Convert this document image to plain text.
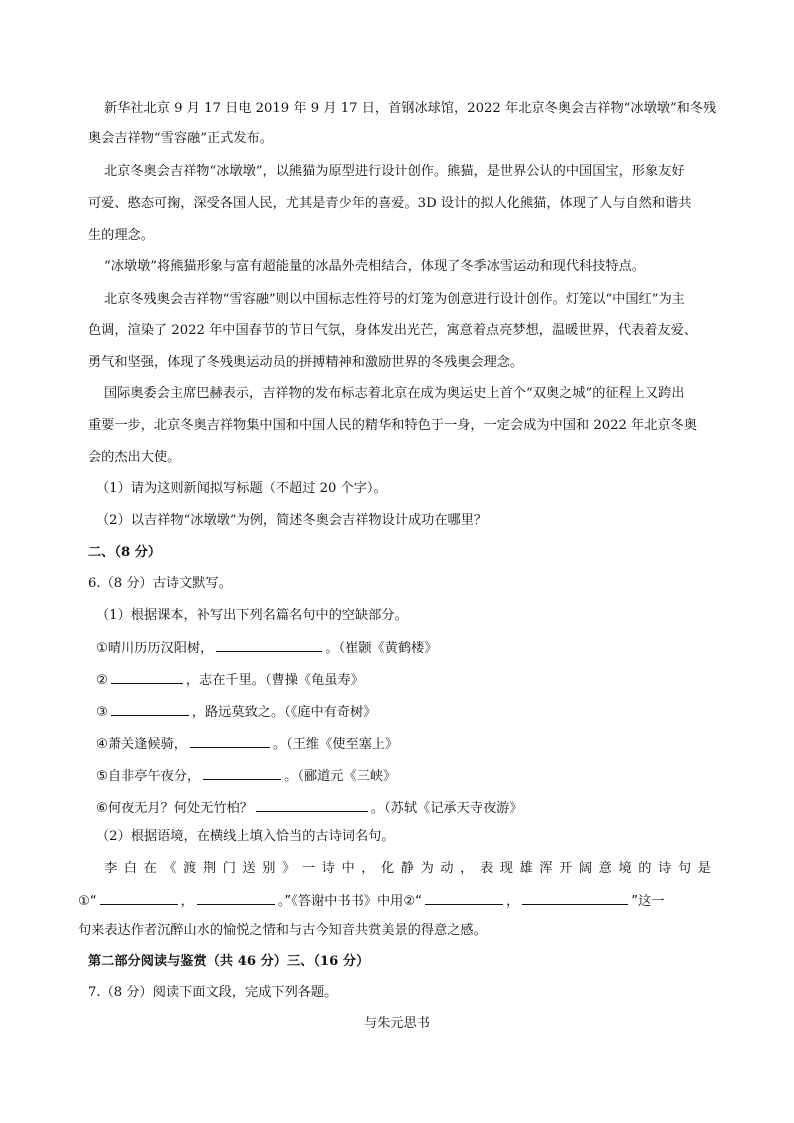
新华社北京 9 月 17 日电 2019 年 9 月 17 日，首钢冰球馆，2022 年北京冬奥会吉祥物“冰墩墩”和冬残
奥会吉祥物“雪容融”正式发布。
北京冬奥会吉祥物“冰墩墩”，以熊猫为原型进行设计创作。熊猫，是世界公认的中国国宝，形象友好
可爱、憨态可掬，深受各国人民，尤其是青少年的喜爱。3D 设计的拟人化熊猫，体现了人与自然和谐共
生的理念。
“冰墩墩”将熊猫形象与富有超能量的冰晶外壳相结合，体现了冬季冰雪运动和现代科技特点。
北京冬残奥会吉祥物“雪容融”则以中国标志性符号的灯笼为创意进行设计创作。灯笼以“中国红”为主
色调，渲染了 2022 年中国春节的节日气氛，身体发出光芒，寓意着点亮梦想，温暖世界，代表着友爱、
勇气和坚强，体现了冬残奥运动员的拼搏精神和激励世界的冬残奥会理念。
国际奥委会主席巴赫表示，吉祥物的发布标志着北京在成为奥运史上首个“双奥之城”的征程上又跨出
重要一步，北京冬奥吉祥物集中国和中国人民的精华和特色于一身，一定会成为中国和 2022 年北京冬奥
会的杰出大使。
（1）请为这则新闻拟写标题（不超过 20 个字）。
（2）以吉祥物“冰墩墩”为例，简述冬奥会吉祥物设计成功在哪里？
二、（8 分）
6.（8 分）古诗文默写。
（1）根据课本，补写出下列名篇名句中的空缺部分。
①晴川历历汉阳树，	。（崔颢《黄鹤楼》
②	，志在千里。（曹操《龟虽寿》
③	，路远莫致之。（《庭中有奇树》
④萧关逢候骑，	。（王维《使至塞上》
⑤自非亭午夜分，	。（郦道元《三峡》
⑥何夜无月？何处无竹柏？	。（苏轼《记承天寺夜游》
（2）根据语境，在横线上填入恰当的古诗词名句。
李白在《渡荆门送别》一诗中，化静为动，表现雄浑开阔意境的诗句是
①“	，	。”《答谢中书书》中用②“	，	”这一
句来表达作者沉醉山水的愉悦之情和与古今知音共赏美景的得意之感。
第二部分阅读与鉴赏（共 46 分）三、（16 分）
7.（8 分）阅读下面文段，完成下列各题。
与朱元思书
